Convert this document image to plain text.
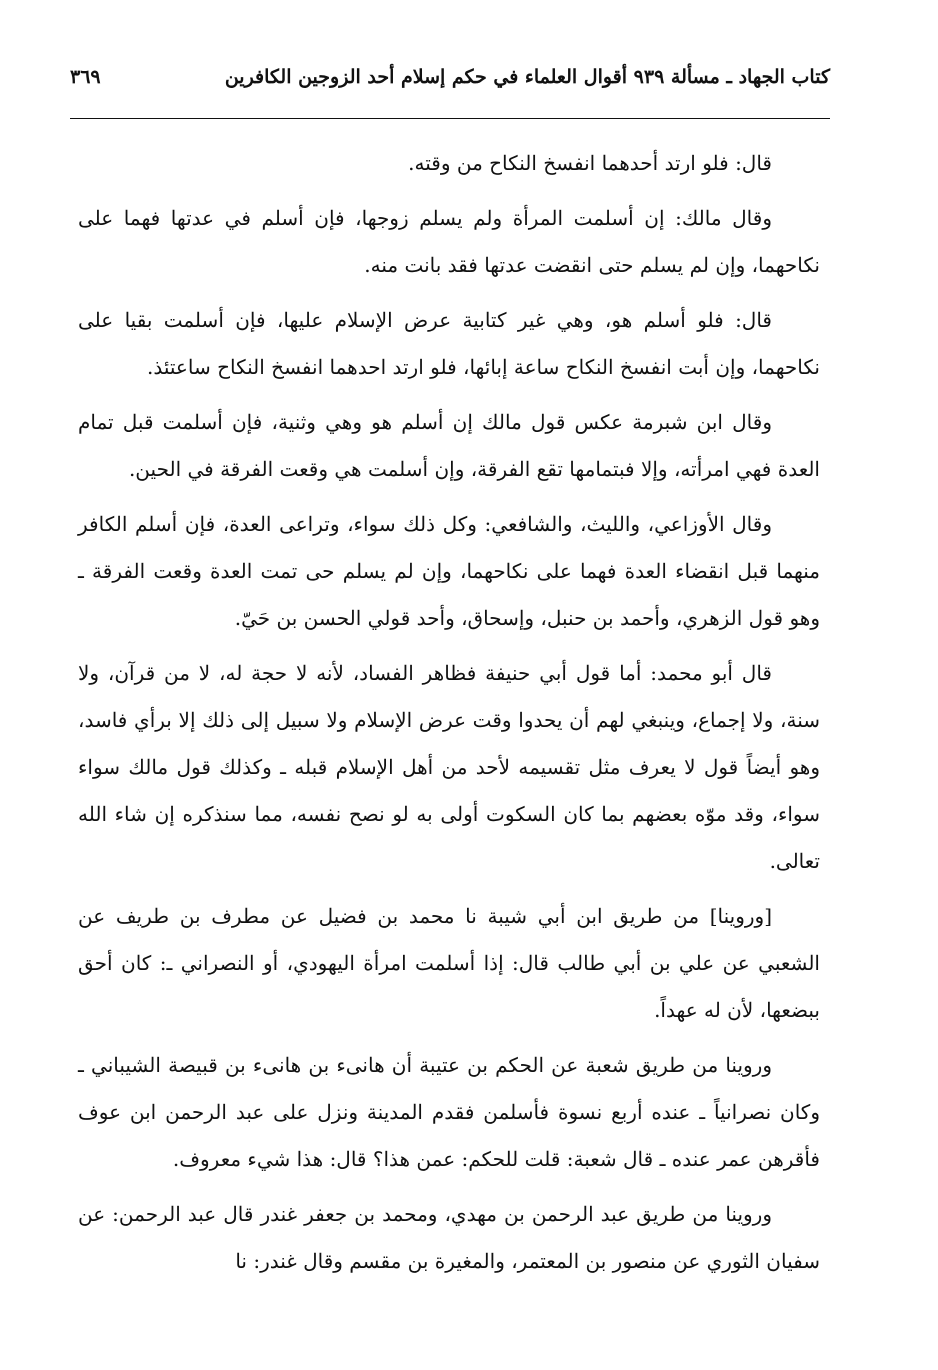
كتاب الجهاد ـ مسألة ٩٣٩ أقوال العلماء في حكم إسلام أحد الزوجين الكافرين
٣٦٩

قال: فلو ارتد أحدهما انفسخ النكاح من وقته.

وقال مالك: إن أسلمت المرأة ولم يسلم زوجها، فإن أسلم في عدتها فهما على نكاحهما، وإن لم يسلم حتى انقضت عدتها فقد بانت منه.

قال: فلو أسلم هو، وهي غير كتابية عرض الإسلام عليها، فإن أسلمت بقيا على نكاحهما، وإن أبت انفسخ النكاح ساعة إبائها، فلو ارتد احدهما انفسخ النكاح ساعتئذ.

وقال ابن شبرمة عكس قول مالك إن أسلم هو وهي وثنية، فإن أسلمت قبل تمام العدة فهي امرأته، وإلا فبتمامها تقع الفرقة، وإن أسلمت هي وقعت الفرقة في الحين.

وقال الأوزاعي، والليث، والشافعي: وكل ذلك سواء، وتراعى العدة، فإن أسلم الكافر منهما قبل انقضاء العدة فهما على نكاحهما، وإن لم يسلم حى تمت العدة وقعت الفرقة ـ وهو قول الزهري، وأحمد بن حنبل، وإسحاق، وأحد قولي الحسن بن حَيّ.

قال أبو محمد: أما قول أبي حنيفة فظاهر الفساد، لأنه لا حجة له، لا من قرآن، ولا سنة، ولا إجماع، وينبغي لهم أن يحدوا وقت عرض الإسلام ولا سبيل إلى ذلك إلا برأي فاسد، وهو أيضاً قول لا يعرف مثل تقسيمه لأحد من أهل الإسلام قبله ـ وكذلك قول مالك سواء سواء، وقد موّه بعضهم بما كان السكوت أولى به لو نصح نفسه، مما سنذكره إن شاء الله تعالى.

[وروينا] من طريق ابن أبي شيبة نا محمد بن فضيل عن مطرف بن طريف عن الشعبي عن علي بن أبي طالب قال: إذا أسلمت امرأة اليهودي، أو النصراني ـ: كان أحق ببضعها، لأن له عهداً.

وروينا من طريق شعبة عن الحكم بن عتيبة أن هانىء بن هانىء بن قبيصة الشيباني ـ وكان نصرانياً ـ عنده أربع نسوة فأسلمن فقدم المدينة ونزل على عبد الرحمن ابن عوف فأقرهن عمر عنده ـ قال شعبة: قلت للحكم: عمن هذا؟ قال: هذا شيء معروف.

وروينا من طريق عبد الرحمن بن مهدي، ومحمد بن جعفر غندر قال عبد الرحمن: عن سفيان الثوري عن منصور بن المعتمر، والمغيرة بن مقسم وقال غندر: نا
